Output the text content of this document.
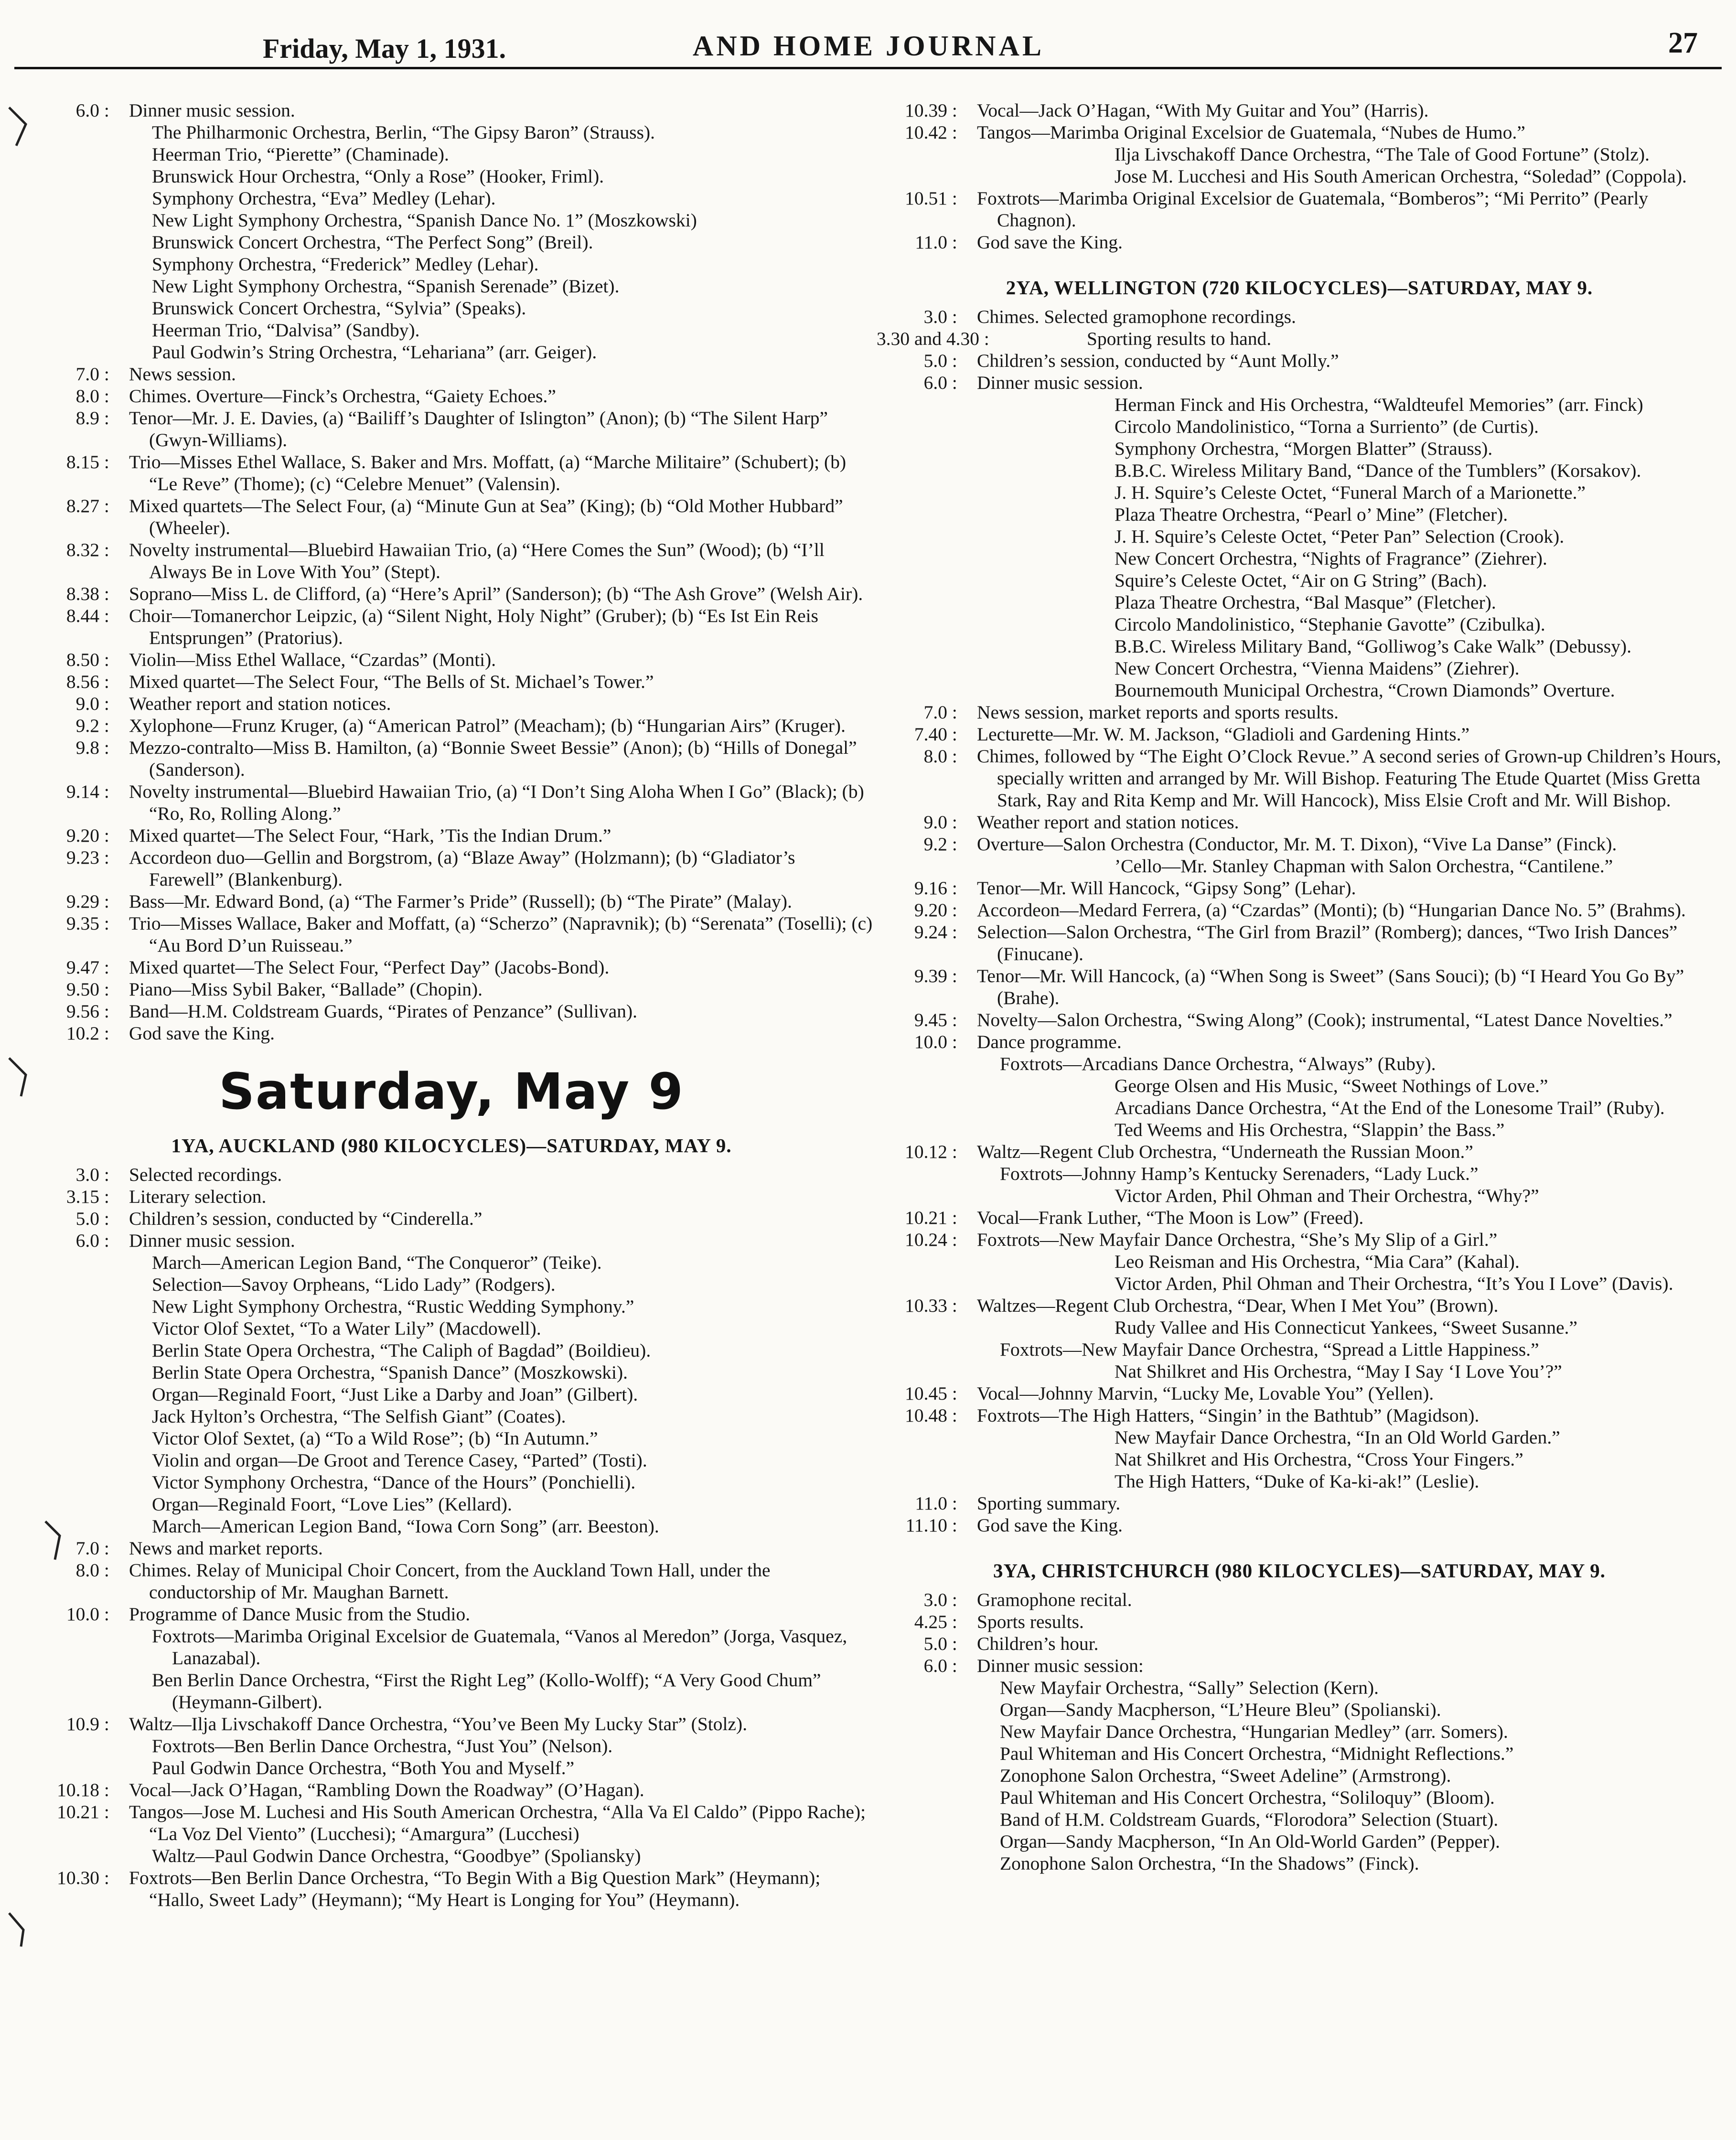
Friday, May 1, 1931.	AND HOME JOURNAL	27
6.0 :	Dinner music session.
The Philharmonic Orchestra, Berlin, “The Gipsy Baron” (Strauss).
Heerman Trio, “Pierette” (Chaminade).
Brunswick Hour Orchestra, “Only a Rose” (Hooker, Friml).
Symphony Orchestra, “Eva” Medley (Lehar).
New Light Symphony Orchestra, “Spanish Dance No. 1” (Moszkowski)
Brunswick Concert Orchestra, “The Perfect Song” (Breil).
Symphony Orchestra, “Frederick” Medley (Lehar).
New Light Symphony Orchestra, “Spanish Serenade” (Bizet).
Brunswick Concert Orchestra, “Sylvia” (Speaks).
Heerman Trio, “Dalvisa” (Sandby).
Paul Godwin’s String Orchestra, “Lehariana” (arr. Geiger).
7.0 :	News session.
8.0 :	Chimes. Overture—Finck’s Orchestra, “Gaiety Echoes.”
8.9 :	Tenor—Mr. J. E. Davies, (a) “Bailiff’s Daughter of Islington” (Anon); (b) “The Silent Harp” (Gwyn-Williams).
8.15 :	Trio—Misses Ethel Wallace, S. Baker and Mrs. Moffatt, (a) “Marche Militaire” (Schubert); (b) “Le Reve” (Thome); (c) “Celebre Menuet” (Valensin).
8.27 :	Mixed quartets—The Select Four, (a) “Minute Gun at Sea” (King); (b) “Old Mother Hubbard” (Wheeler).
8.32 :	Novelty instrumental—Bluebird Hawaiian Trio, (a) “Here Comes the Sun” (Wood); (b) “I’ll Always Be in Love With You” (Stept).
8.38 :	Soprano—Miss L. de Clifford, (a) “Here’s April” (Sanderson); (b) “The Ash Grove” (Welsh Air).
8.44 :	Choir—Tomanerchor Leipzic, (a) “Silent Night, Holy Night” (Gruber); (b) “Es Ist Ein Reis Entsprungen” (Pratorius).
8.50 :	Violin—Miss Ethel Wallace, “Czardas” (Monti).
8.56 :	Mixed quartet—The Select Four, “The Bells of St. Michael’s Tower.”
9.0 :	Weather report and station notices.
9.2 :	Xylophone—Frunz Kruger, (a) “American Patrol” (Meacham); (b) “Hungarian Airs” (Kruger).
9.8 :	Mezzo-contralto—Miss B. Hamilton, (a) “Bonnie Sweet Bessie” (Anon); (b) “Hills of Donegal” (Sanderson).
9.14 :	Novelty instrumental—Bluebird Hawaiian Trio, (a) “I Don’t Sing Aloha When I Go” (Black); (b) “Ro, Ro, Rolling Along.”
9.20 :	Mixed quartet—The Select Four, “Hark, ’Tis the Indian Drum.”
9.23 :	Accordeon duo—Gellin and Borgstrom, (a) “Blaze Away” (Holzmann); (b) “Gladiator’s Farewell” (Blankenburg).
9.29 :	Bass—Mr. Edward Bond, (a) “The Farmer’s Pride” (Russell); (b) “The Pirate” (Malay).
9.35 :	Trio—Misses Wallace, Baker and Moffatt, (a) “Scherzo” (Napravnik); (b) “Serenata” (Toselli); (c) “Au Bord D’un Ruisseau.”
9.47 :	Mixed quartet—The Select Four, “Perfect Day” (Jacobs-Bond).
9.50 :	Piano—Miss Sybil Baker, “Ballade” (Chopin).
9.56 :	Band—H.M. Coldstream Guards, “Pirates of Penzance” (Sullivan).
10.2 :	God save the King.
Saturday, May 9
1YA, AUCKLAND (980 KILOCYCLES)—SATURDAY, MAY 9.
3.0 :	Selected recordings.
3.15 :	Literary selection.
5.0 :	Children’s session, conducted by “Cinderella.”
6.0 :	Dinner music session.
March—American Legion Band, “The Conqueror” (Teike).
Selection—Savoy Orpheans, “Lido Lady” (Rodgers).
New Light Symphony Orchestra, “Rustic Wedding Symphony.”
Victor Olof Sextet, “To a Water Lily” (Macdowell).
Berlin State Opera Orchestra, “The Caliph of Bagdad” (Boildieu).
Berlin State Opera Orchestra, “Spanish Dance” (Moszkowski).
Organ—Reginald Foort, “Just Like a Darby and Joan” (Gilbert).
Jack Hylton’s Orchestra, “The Selfish Giant” (Coates).
Victor Olof Sextet, (a) “To a Wild Rose”; (b) “In Autumn.”
Violin and organ—De Groot and Terence Casey, “Parted” (Tosti).
Victor Symphony Orchestra, “Dance of the Hours” (Ponchielli).
Organ—Reginald Foort, “Love Lies” (Kellard).
March—American Legion Band, “Iowa Corn Song” (arr. Beeston).
7.0 :	News and market reports.
8.0 :	Chimes. Relay of Municipal Choir Concert, from the Auckland Town Hall, under the conductorship of Mr. Maughan Barnett.
10.0 :	Programme of Dance Music from the Studio.
Foxtrots—Marimba Original Excelsior de Guatemala, “Vanos al Meredon” (Jorga, Vasquez, Lanazabal).
Ben Berlin Dance Orchestra, “First the Right Leg” (Kollo-Wolff); “A Very Good Chum” (Heymann-Gilbert).
10.9 :	Waltz—Ilja Livschakoff Dance Orchestra, “You’ve Been My Lucky Star” (Stolz).
Foxtrots—Ben Berlin Dance Orchestra, “Just You” (Nelson).
Paul Godwin Dance Orchestra, “Both You and Myself.”
10.18 :	Vocal—Jack O’Hagan, “Rambling Down the Roadway” (O’Hagan).
10.21 :	Tangos—Jose M. Luchesi and His South American Orchestra, “Alla Va El Caldo” (Pippo Rache); “La Voz Del Viento” (Lucchesi); “Amargura” (Lucchesi)
Waltz—Paul Godwin Dance Orchestra, “Goodbye” (Spoliansky)
10.30 :	Foxtrots—Ben Berlin Dance Orchestra, “To Begin With a Big Question Mark” (Heymann); “Hallo, Sweet Lady” (Heymann); “My Heart is Longing for You” (Heymann).
10.39 :	Vocal—Jack O’Hagan, “With My Guitar and You” (Harris).
10.42 :	Tangos—Marimba Original Excelsior de Guatemala, “Nubes de Humo.”
Ilja Livschakoff Dance Orchestra, “The Tale of Good Fortune” (Stolz).
Jose M. Lucchesi and His South American Orchestra, “Soledad” (Coppola).
10.51 :	Foxtrots—Marimba Original Excelsior de Guatemala, “Bomberos”; “Mi Perrito” (Pearly Chagnon).
11.0 :	God save the King.
2YA, WELLINGTON (720 KILOCYCLES)—SATURDAY, MAY 9.
3.0 :	Chimes. Selected gramophone recordings.
3.30 and 4.30 :	Sporting results to hand.
5.0 :	Children’s session, conducted by “Aunt Molly.”
6.0 :	Dinner music session.
Herman Finck and His Orchestra, “Waldteufel Memories” (arr. Finck)
Circolo Mandolinistico, “Torna a Surriento” (de Curtis).
Symphony Orchestra, “Morgen Blatter” (Strauss).
B.B.C. Wireless Military Band, “Dance of the Tumblers” (Korsakov).
J. H. Squire’s Celeste Octet, “Funeral March of a Marionette.”
Plaza Theatre Orchestra, “Pearl o’ Mine” (Fletcher).
J. H. Squire’s Celeste Octet, “Peter Pan” Selection (Crook).
New Concert Orchestra, “Nights of Fragrance” (Ziehrer).
Squire’s Celeste Octet, “Air on G String” (Bach).
Plaza Theatre Orchestra, “Bal Masque” (Fletcher).
Circolo Mandolinistico, “Stephanie Gavotte” (Czibulka).
B.B.C. Wireless Military Band, “Golliwog’s Cake Walk” (Debussy).
New Concert Orchestra, “Vienna Maidens” (Ziehrer).
Bournemouth Municipal Orchestra, “Crown Diamonds” Overture.
7.0 :	News session, market reports and sports results.
7.40 :	Lecturette—Mr. W. M. Jackson, “Gladioli and Gardening Hints.”
8.0 :	Chimes, followed by “The Eight O’Clock Revue.” A second series of Grown-up Children’s Hours, specially written and arranged by Mr. Will Bishop. Featuring The Etude Quartet (Miss Gretta Stark, Ray and Rita Kemp and Mr. Will Hancock), Miss Elsie Croft and Mr. Will Bishop.
9.0 :	Weather report and station notices.
9.2 :	Overture—Salon Orchestra (Conductor, Mr. M. T. Dixon), “Vive La Danse” (Finck).
’Cello—Mr. Stanley Chapman with Salon Orchestra, “Cantilene.”
9.16 :	Tenor—Mr. Will Hancock, “Gipsy Song” (Lehar).
9.20 :	Accordeon—Medard Ferrera, (a) “Czardas” (Monti); (b) “Hungarian Dance No. 5” (Brahms).
9.24 :	Selection—Salon Orchestra, “The Girl from Brazil” (Romberg); dances, “Two Irish Dances” (Finucane).
9.39 :	Tenor—Mr. Will Hancock, (a) “When Song is Sweet” (Sans Souci); (b) “I Heard You Go By” (Brahe).
9.45 :	Novelty—Salon Orchestra, “Swing Along” (Cook); instrumental, “Latest Dance Novelties.”
10.0 :	Dance programme.
Foxtrots—Arcadians Dance Orchestra, “Always” (Ruby).
George Olsen and His Music, “Sweet Nothings of Love.”
Arcadians Dance Orchestra, “At the End of the Lonesome Trail” (Ruby).
Ted Weems and His Orchestra, “Slappin’ the Bass.”
10.12 :	Waltz—Regent Club Orchestra, “Underneath the Russian Moon.”
Foxtrots—Johnny Hamp’s Kentucky Serenaders, “Lady Luck.”
Victor Arden, Phil Ohman and Their Orchestra, “Why?”
10.21 :	Vocal—Frank Luther, “The Moon is Low” (Freed).
10.24 :	Foxtrots—New Mayfair Dance Orchestra, “She’s My Slip of a Girl.”
Leo Reisman and His Orchestra, “Mia Cara” (Kahal).
Victor Arden, Phil Ohman and Their Orchestra, “It’s You I Love” (Davis).
10.33 :	Waltzes—Regent Club Orchestra, “Dear, When I Met You” (Brown).
Rudy Vallee and His Connecticut Yankees, “Sweet Susanne.”
Foxtrots—New Mayfair Dance Orchestra, “Spread a Little Happiness.”
Nat Shilkret and His Orchestra, “May I Say ‘I Love You’?”
10.45 :	Vocal—Johnny Marvin, “Lucky Me, Lovable You” (Yellen).
10.48 :	Foxtrots—The High Hatters, “Singin’ in the Bathtub” (Magidson).
New Mayfair Dance Orchestra, “In an Old World Garden.”
Nat Shilkret and His Orchestra, “Cross Your Fingers.”
The High Hatters, “Duke of Ka-ki-ak!” (Leslie).
11.0 :	Sporting summary.
11.10 :	God save the King.
3YA, CHRISTCHURCH (980 KILOCYCLES)—SATURDAY, MAY 9.
3.0 :	Gramophone recital.
4.25 :	Sports results.
5.0 :	Children’s hour.
6.0 :	Dinner music session:
New Mayfair Orchestra, “Sally” Selection (Kern).
Organ—Sandy Macpherson, “L’Heure Bleu” (Spolianski).
New Mayfair Dance Orchestra, “Hungarian Medley” (arr. Somers).
Paul Whiteman and His Concert Orchestra, “Midnight Reflections.”
Zonophone Salon Orchestra, “Sweet Adeline” (Armstrong).
Paul Whiteman and His Concert Orchestra, “Soliloquy” (Bloom).
Band of H.M. Coldstream Guards, “Florodora” Selection (Stuart).
Organ—Sandy Macpherson, “In An Old-World Garden” (Pepper).
Zonophone Salon Orchestra, “In the Shadows” (Finck).
